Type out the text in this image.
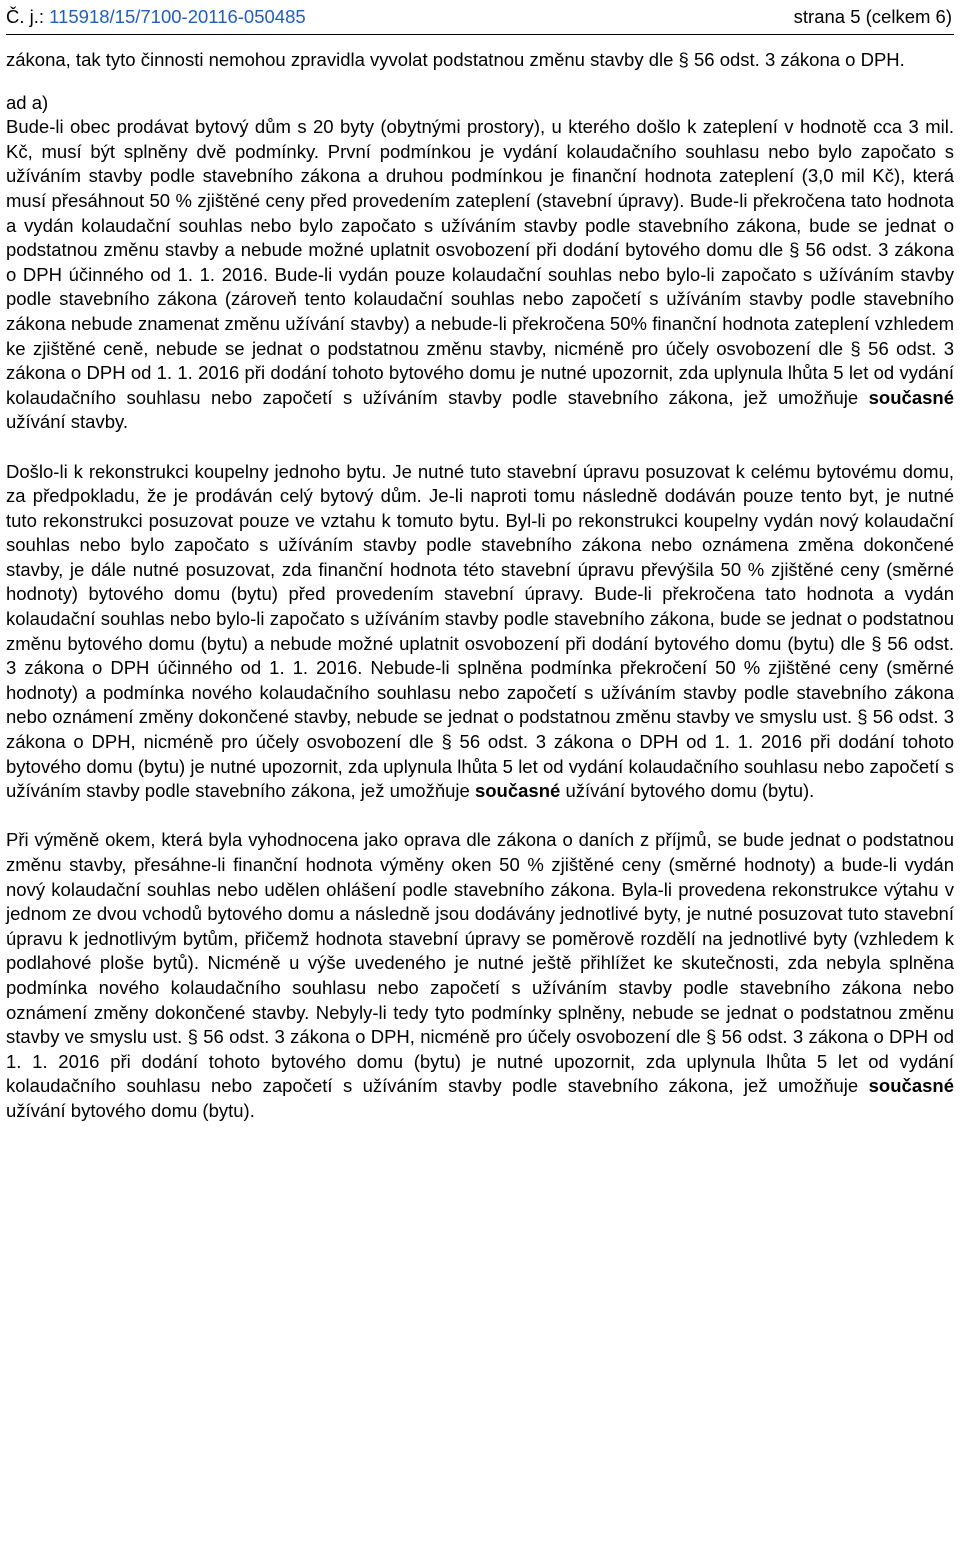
Č. j.: 115918/15/7100-20116-050485	strana 5 (celkem 6)

zákona, tak tyto činnosti nemohou zpravidla vyvolat podstatnou změnu stavby dle § 56 odst. 3 zákona o DPH.

ad a)

Bude-li obec prodávat bytový dům s 20 byty (obytnými prostory), u kterého došlo k zateplení v hodnotě cca 3 mil. Kč, musí být splněny dvě podmínky. První podmínkou je vydání kolaudačního souhlasu nebo bylo započato s užíváním stavby podle stavebního zákona a druhou podmínkou je finanční hodnota zateplení (3,0 mil Kč), která musí přesáhnout 50 % zjištěné ceny před provedením zateplení (stavební úpravy). Bude-li překročena tato hodnota a vydán kolaudační souhlas nebo bylo započato s užíváním stavby podle stavebního zákona, bude se jednat o podstatnou změnu stavby a nebude možné uplatnit osvobození při dodání bytového domu dle § 56 odst. 3 zákona o DPH účinného od 1. 1. 2016. Bude-li vydán pouze kolaudační souhlas nebo bylo-li započato s užíváním stavby podle stavebního zákona (zároveň tento kolaudační souhlas nebo započetí s užíváním stavby podle stavebního zákona nebude znamenat změnu užívání stavby) a nebude-li překročena 50% finanční hodnota zateplení vzhledem ke zjištěné ceně, nebude se jednat o podstatnou změnu stavby, nicméně pro účely osvobození dle § 56 odst. 3 zákona o DPH od 1. 1. 2016 při dodání tohoto bytového domu je nutné upozornit, zda uplynula lhůta 5 let od vydání kolaudačního souhlasu nebo započetí s užíváním stavby podle stavebního zákona, jež umožňuje současné užívání stavby.

Došlo-li k rekonstrukci koupelny jednoho bytu. Je nutné tuto stavební úpravu posuzovat k celému bytovému domu, za předpokladu, že je prodáván celý bytový dům. Je-li naproti tomu následně dodáván pouze tento byt, je nutné tuto rekonstrukci posuzovat pouze ve vztahu k tomuto bytu. Byl-li po rekonstrukci koupelny vydán nový kolaudační souhlas nebo bylo započato s užíváním stavby podle stavebního zákona nebo oznámena změna dokončené stavby, je dále nutné posuzovat, zda finanční hodnota této stavební úpravu převýšila 50 % zjištěné ceny (směrné hodnoty) bytového domu (bytu) před provedením stavební úpravy. Bude-li překročena tato hodnota a vydán kolaudační souhlas nebo bylo-li započato s užíváním stavby podle stavebního zákona, bude se jednat o podstatnou změnu bytového domu (bytu) a nebude možné uplatnit osvobození při dodání bytového domu (bytu) dle § 56 odst. 3 zákona o DPH účinného od 1. 1. 2016. Nebude-li splněna podmínka překročení 50 % zjištěné ceny (směrné hodnoty) a podmínka nového kolaudačního souhlasu nebo započetí s užíváním stavby podle stavebního zákona nebo oznámení změny dokončené stavby, nebude se jednat o podstatnou změnu stavby ve smyslu ust. § 56 odst. 3 zákona o DPH, nicméně pro účely osvobození dle § 56 odst. 3 zákona o DPH od 1. 1. 2016 při dodání tohoto bytového domu (bytu) je nutné upozornit, zda uplynula lhůta 5 let od vydání kolaudačního souhlasu nebo započetí s užíváním stavby podle stavebního zákona, jež umožňuje současné užívání bytového domu (bytu).

Při výměně okem, která byla vyhodnocena jako oprava dle zákona o daních z příjmů, se bude jednat o podstatnou změnu stavby, přesáhne-li finanční hodnota výměny oken 50 % zjištěné ceny (směrné hodnoty) a bude-li vydán nový kolaudační souhlas nebo udělen ohlášení podle stavebního zákona. Byla-li provedena rekonstrukce výtahu v jednom ze dvou vchodů bytového domu a následně jsou dodávány jednotlivé byty, je nutné posuzovat tuto stavební úpravu k jednotlivým bytům, přičemž hodnota stavební úpravy se poměrově rozdělí na jednotlivé byty (vzhledem k podlahové ploše bytů). Nicméně u výše uvedeného je nutné ještě přihlížet ke skutečnosti, zda nebyla splněna podmínka nového kolaudačního souhlasu nebo započetí s užíváním stavby podle stavebního zákona nebo oznámení změny dokončené stavby. Nebyly-li tedy tyto podmínky splněny, nebude se jednat o podstatnou změnu stavby ve smyslu ust. § 56 odst. 3 zákona o DPH, nicméně pro účely osvobození dle § 56 odst. 3 zákona o DPH od 1. 1. 2016 při dodání tohoto bytového domu (bytu) je nutné upozornit, zda uplynula lhůta 5 let od vydání kolaudačního souhlasu nebo započetí s užíváním stavby podle stavebního zákona, jež umožňuje současné užívání bytového domu (bytu).
